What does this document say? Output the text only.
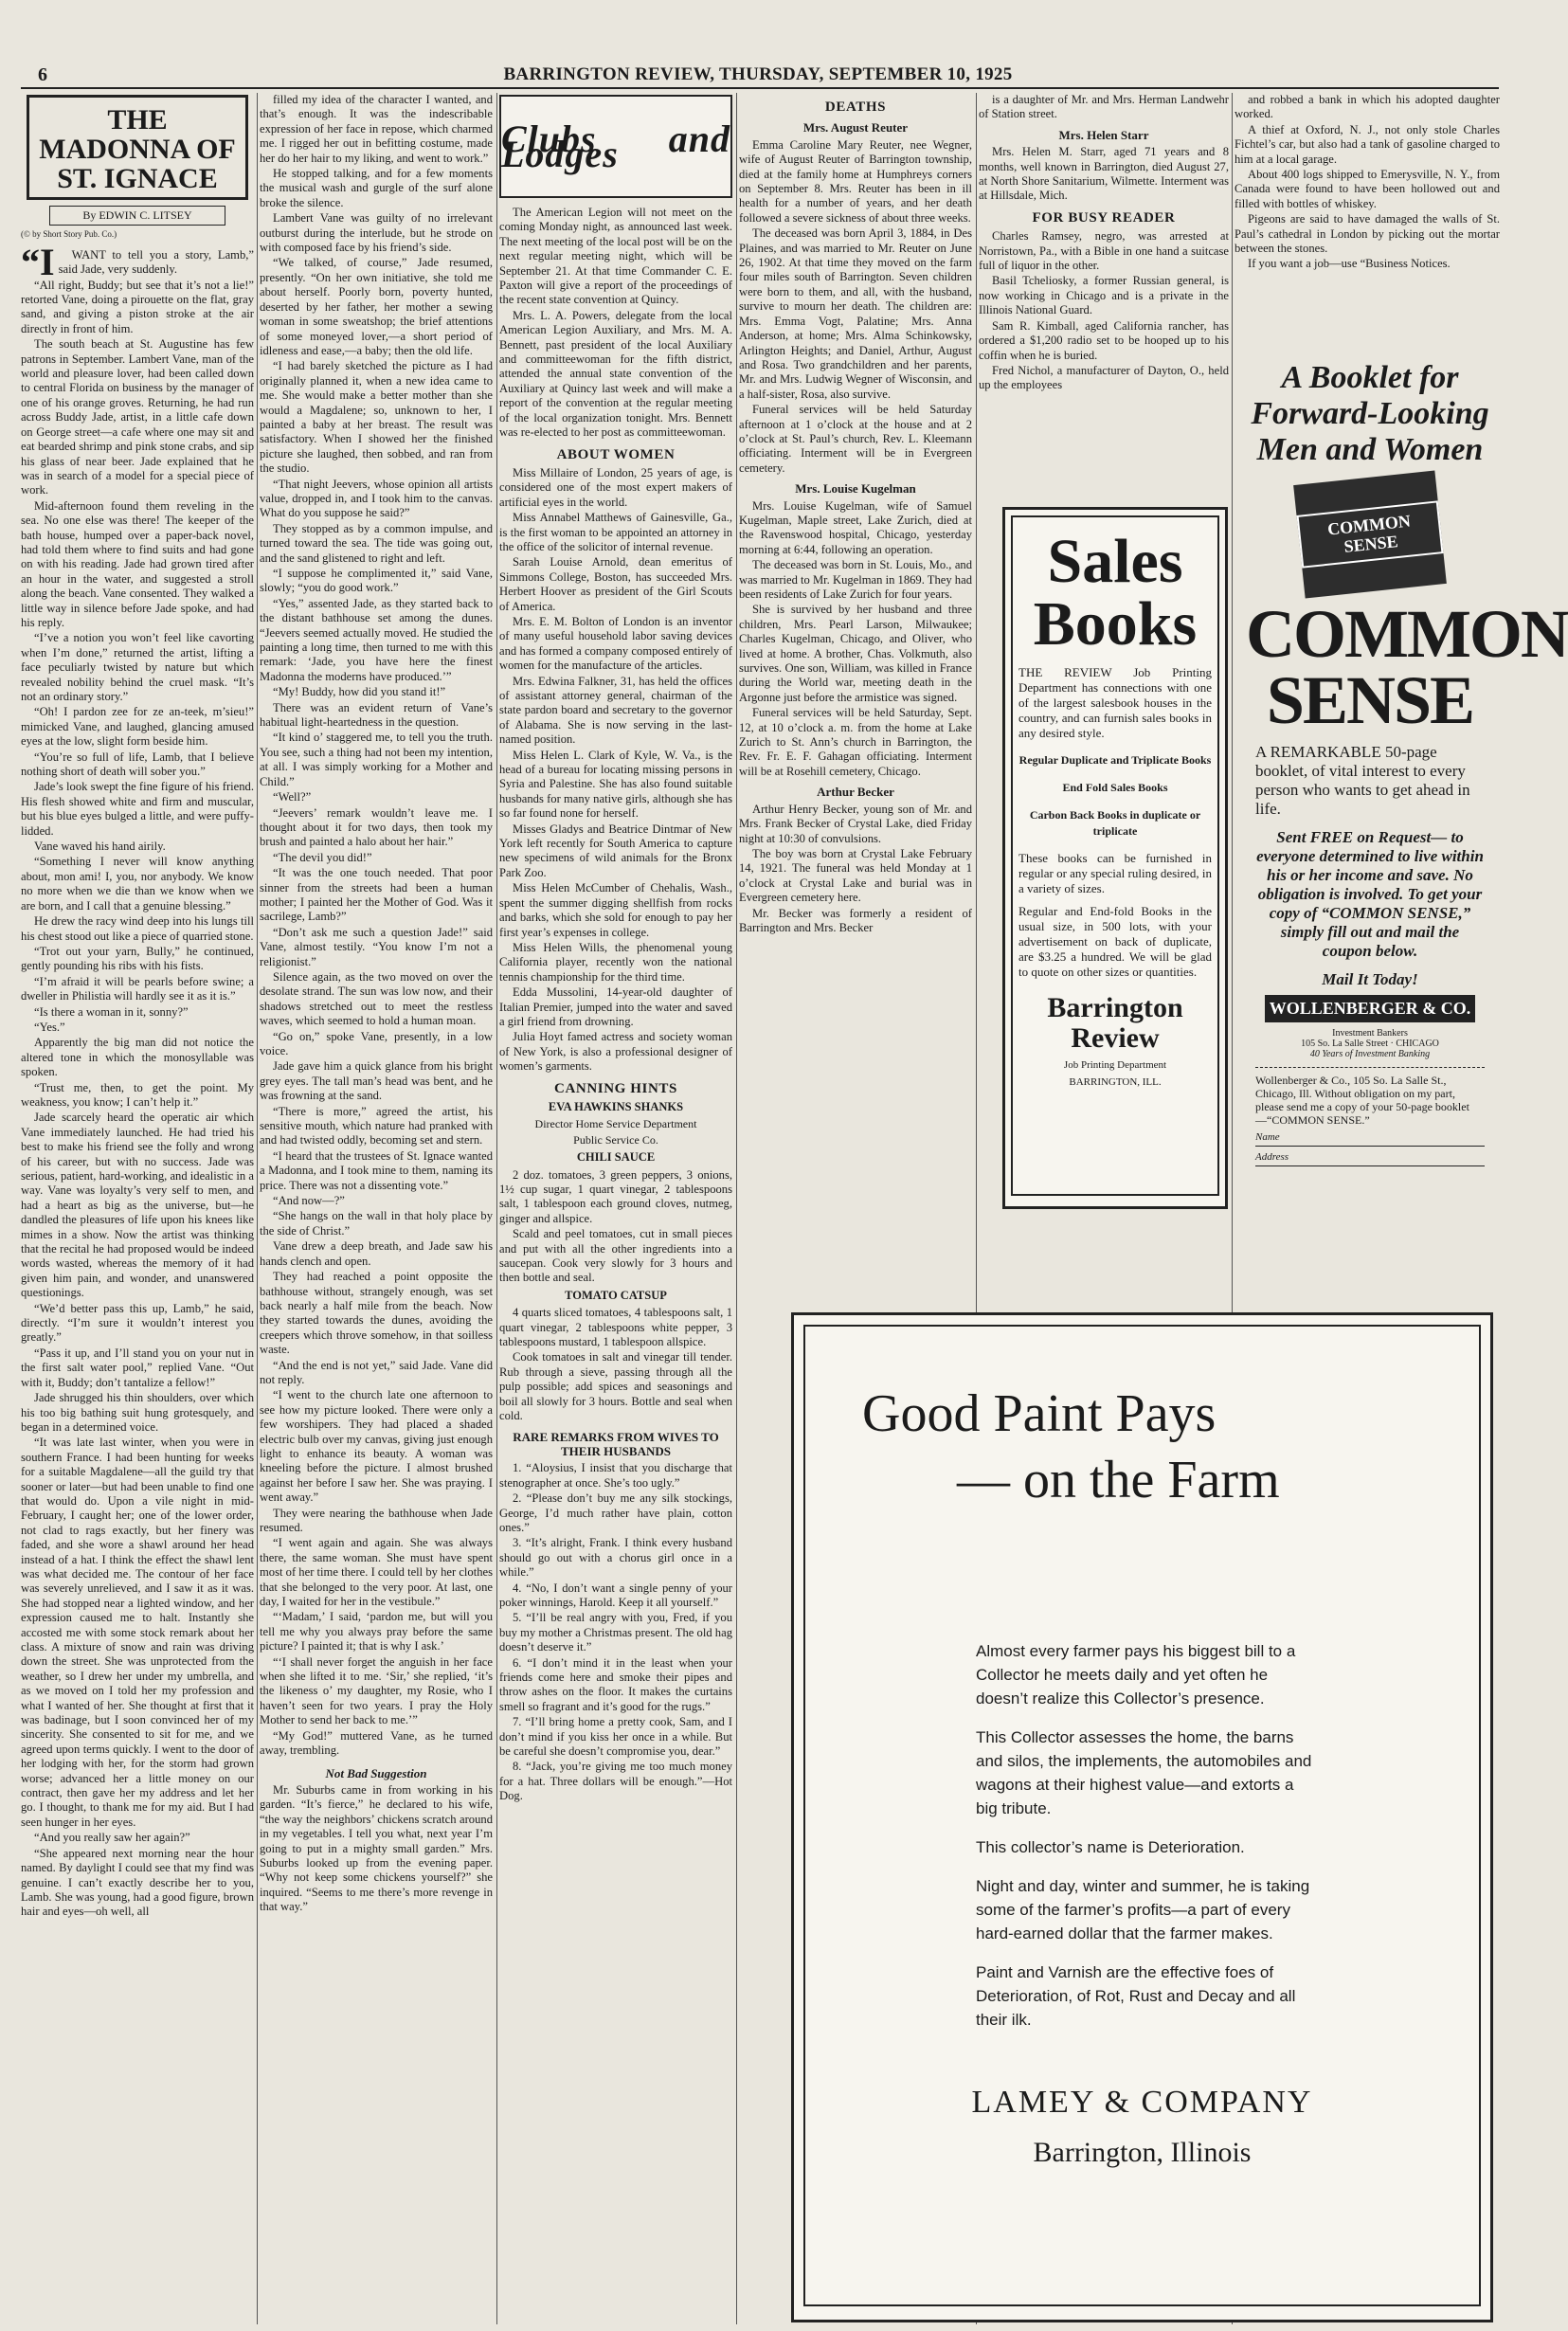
6	BARRINGTON REVIEW, THURSDAY, SEPTEMBER 10, 1925
THE MADONNA OF ST. IGNACE
By EDWIN C. LITSEY
(© by Short Story Pub. Co.)
“I	WANT to tell you a story, Lamb,” said Jade, very suddenly.

“All right, Buddy; but see that it’s not a lie!” retorted Vane, doing a pirouette on the flat, gray sand, and giving a piston stroke at the air directly in front of him.

The south beach at St. Augustine has few patrons in September. Lambert Vane, man of the world and pleasure lover, had been called down to central Florida on business by the manager of one of his orange groves. Returning, he had run across Buddy Jade, artist, in a little cafe down on George street—a cafe where one may sit and eat bearded shrimp and pink stone crabs, and sip his glass of near beer. Jade explained that he was in search of a model for a special piece of work.

Mid-afternoon found them reveling in the sea. No one else was there! The keeper of the bath house, humped over a paper-back novel, had told them where to find suits and had gone on with his reading. Jade had grown tired after an hour in the water, and suggested a stroll along the beach. Vane consented. They walked a little way in silence before Jade spoke, and had his reply.

“I’ve a notion you won’t feel like cavorting when I’m done,” returned the artist, lifting a face peculiarly twisted by nature but which revealed nobility behind the cruel mask. “It’s not an ordinary story.”

“Oh! I pardon zee for ze an-teek, m’sieu!” mimicked Vane, and laughed, glancing amused eyes at the low, slight form beside him.

“You’re so full of life, Lamb, that I believe nothing short of death will sober you.”

Jade’s look swept the fine figure of his friend. His flesh showed white and firm and muscular, but his blue eyes bulged a little, and were puffy-lidded.

Vane waved his hand airily.

“Something I never will know anything about, mon ami! I, you, nor anybody. We know no more when we die than we know when we are born, and I call that a genuine blessing.”

He drew the racy wind deep into his lungs till his chest stood out like a piece of quarried stone.

“Trot out your yarn, Bully,” he continued, gently pounding his ribs with his fists.

“I’m afraid it will be pearls before swine; a dweller in Philistia will hardly see it as it is.”

“Is there a woman in it, sonny?”

“Yes.”

Apparently the big man did not notice the altered tone in which the monosyllable was spoken.

“Trust me, then, to get the point. My weakness, you know; I can’t help it.”

Jade scarcely heard the operatic air which Vane immediately launched. He had tried his best to make his friend see the folly and wrong of his career, but with no success. Jade was serious, patient, hard-working, and idealistic in a way. Vane was loyalty’s very self to men, and had a heart as big as the universe, but—he dandled the pleasures of life upon his knees like mimes in a show. Now the artist was thinking that the recital he had proposed would be indeed words wasted, whereas the memory of it had given him pain, and wonder, and unanswered questionings.

“We’d better pass this up, Lamb,” he said, directly. “I’m sure it wouldn’t interest you greatly.”

“Pass it up, and I’ll stand you on your nut in the first salt water pool,” replied Vane. “Out with it, Buddy; don’t tantalize a fellow!”

Jade shrugged his thin shoulders, over which his too big bathing suit hung grotesquely, and began in a determined voice.

“It was late last winter, when you were in southern France. I had been hunting for weeks for a suitable Magdalene—all the guild try that sooner or later—but had been unable to find one that would do. Upon a vile night in mid-February, I caught her; one of the lower order, not clad to rags exactly, but her finery was faded, and she wore a shawl around her head instead of a hat. I think the effect the shawl lent was what decided me. The contour of her face was severely unrelieved, and I saw it as it was. She had stopped near a lighted window, and her expression caused me to halt. Instantly she accosted me with some stock remark about her class. A mixture of snow and rain was driving down the street. She was unprotected from the weather, so I drew her under my umbrella, and as we moved on I told her my profession and what I wanted of her. She thought at first that it was badinage, but I soon convinced her of my sincerity. She consented to sit for me, and we agreed upon terms quickly. I went to the door of her lodging with her, for the storm had grown worse; advanced her a little money on our contract, then gave her my address and let her go. I thought, to thank me for my aid. But I had seen hunger in her eyes.

“And you really saw her again?”

“She appeared next morning near the hour named. By daylight I could see that my find was genuine. I can’t exactly describe her to you, Lamb. She was young, had a good figure, brown hair and eyes—oh well, all

filled my idea of the character I wanted, and that’s enough. It was the indescribable expression of her face in repose, which charmed me. I rigged her out in befitting costume, made her do her hair to my liking, and went to work.”

He stopped talking, and for a few moments the musical wash and gurgle of the surf alone broke the silence.

Lambert Vane was guilty of no irrelevant outburst during the interlude, but he strode on with composed face by his friend’s side.

“We talked, of course,” Jade resumed, presently. “On her own initiative, she told me about herself. Poorly born, poverty hunted, deserted by her father, her mother a sewing woman in some sweatshop; the brief attentions of some moneyed lover,—a short period of idleness and ease,—a baby; then the old life.

“I had barely sketched the picture as I had originally planned it, when a new idea came to me. She would make a better mother than she would a Magdalene; so, unknown to her, I painted a baby at her breast. The result was satisfactory. When I showed her the finished picture she laughed, then sobbed, and ran from the studio.

“That night Jeevers, whose opinion all artists value, dropped in, and I took him to the canvas. What do you suppose he said?”

They stopped as by a common impulse, and turned toward the sea. The tide was going out, and the sand glistened to right and left.

“I suppose he complimented it,” said Vane, slowly; “you do good work.”

“Yes,” assented Jade, as they started back to the distant bathhouse set among the dunes. “Jeevers seemed actually moved. He studied the painting a long time, then turned to me with this remark: ‘Jade, you have here the finest Madonna the moderns have produced.’”

“My! Buddy, how did you stand it!”

There was an evident return of Vane’s habitual light-heartedness in the question.

“It kind o’ staggered me, to tell you the truth. You see, such a thing had not been my intention, at all. I was simply working for a Mother and Child.”

“Well?”

“Jeevers’ remark wouldn’t leave me. I thought about it for two days, then took my brush and painted a halo about her hair.”

“The devil you did!”

“It was the one touch needed. That poor sinner from the streets had been a human mother; I painted her the Mother of God. Was it sacrilege, Lamb?”

“Don’t ask me such a question Jade!” said Vane, almost testily. “You know I’m not a religionist.”

Silence again, as the two moved on over the desolate strand. The sun was low now, and their shadows stretched out to meet the restless waves, which seemed to hold a human moan.

“Go on,” spoke Vane, presently, in a low voice.

Jade gave him a quick glance from his bright grey eyes. The tall man’s head was bent, and he was frowning at the sand.

“There is more,” agreed the artist, his sensitive mouth, which nature had pranked with and had twisted oddly, becoming set and stern.

“I heard that the trustees of St. Ignace wanted a Madonna, and I took mine to them, naming its price. There was not a dissenting vote.”

“And now—?”

“She hangs on the wall in that holy place by the side of Christ.”

Vane drew a deep breath, and Jade saw his hands clench and open.

They had reached a point opposite the bathhouse without, strangely enough, was set back nearly a half mile from the beach. Now they started towards the dunes, avoiding the creepers which throve somehow, in that soilless waste.

“And the end is not yet,” said Jade. Vane did not reply.

“I went to the church late one afternoon to see how my picture looked. There were only a few worshipers. They had placed a shaded electric bulb over my canvas, giving just enough light to enhance its beauty. A woman was kneeling before the picture. I almost brushed against her before I saw her. She was praying. I went away.”

They were nearing the bathhouse when Jade resumed.

“I went again and again. She was always there, the same woman. She must have spent most of her time there. I could tell by her clothes that she belonged to the very poor. At last, one day, I waited for her in the vestibule.”

“‘Madam,’ I said, ‘pardon me, but will you tell me why you always pray before the same picture? I painted it; that is why I ask.’

“‘I shall never forget the anguish in her face when she lifted it to me. ‘Sir,’ she replied, ‘it’s the likeness o’ my daughter, my Rosie, who I haven’t seen for two years. I pray the Holy Mother to send her back to me.’”

“My God!” muttered Vane, as he turned away, trembling.

Not Bad Suggestion

Mr. Suburbs came in from working in his garden. “It’s fierce,” he declared to his wife, “the way the neighbors’ chickens scratch around in my vegetables. I tell you what, next year I’m going to put in a mighty small garden.” Mrs. Suburbs looked up from the evening paper. “Why not keep some chickens yourself?” she inquired. “Seems to me there’s more revenge in that way.”

Clubs and Lodges

The American Legion will not meet on the coming Monday night, as announced last week. The next meeting of the local post will be on the next regular meeting night, which will be September 21. At that time Commander C. E. Paxton will give a report of the proceedings of the recent state convention at Quincy.

Mrs. L. A. Powers, delegate from the local American Legion Auxiliary, and Mrs. M. A. Bennett, past president of the local Auxiliary and committeewoman for the fifth district, attended the annual state convention of the Auxiliary at Quincy last week and will make a report of the convention at the regular meeting of the local organization tonight. Mrs. Bennett was re-elected to her post as committeewoman.

ABOUT WOMEN

Miss Millaire of London, 25 years of age, is considered one of the most expert makers of artificial eyes in the world.

Miss Annabel Matthews of Gainesville, Ga., is the first woman to be appointed an attorney in the office of the solicitor of internal revenue.

Sarah Louise Arnold, dean emeritus of Simmons College, Boston, has succeeded Mrs. Herbert Hoover as president of the Girl Scouts of America.

Mrs. E. M. Bolton of London is an inventor of many useful household labor saving devices and has formed a company composed entirely of women for the manufacture of the articles.

Mrs. Edwina Falkner, 31, has held the offices of assistant attorney general, chairman of the state pardon board and secretary to the governor of Alabama. She is now serving in the last-named position.

Miss Helen L. Clark of Kyle, W. Va., is the head of a bureau for locating missing persons in Syria and Palestine. She has also found suitable husbands for many native girls, although she has so far found none for herself.

Misses Gladys and Beatrice Dintmar of New York left recently for South America to capture new specimens of wild animals for the Bronx Park Zoo.

Miss Helen McCumber of Chehalis, Wash., spent the summer digging shellfish from rocks and barks, which she sold for enough to pay her first year’s expenses in college.

Miss Helen Wills, the phenomenal young California player, recently won the national tennis championship for the third time.

Edda Mussolini, 14-year-old daughter of Italian Premier, jumped into the water and saved a girl friend from drowning.

Julia Hoyt famed actress and society woman of New York, is also a professional designer of women’s garments.

CANNING HINTS
EVA HAWKINS SHANKS
Director Home Service Department
Public Service Co.
CHILI SAUCE

2 doz. tomatoes, 3 green peppers, 3 onions, 1½ cup sugar, 1 quart vinegar, 2 tablespoons salt, 1 tablespoon each ground cloves, nutmeg, ginger and allspice.

Scald and peel tomatoes, cut in small pieces and put with all the other ingredients into a saucepan. Cook very slowly for 3 hours and then bottle and seal.

TOMATO CATSUP

4 quarts sliced tomatoes, 4 tablespoons salt, 1 quart vinegar, 2 tablespoons white pepper, 3 tablespoons mustard, 1 tablespoon allspice.

Cook tomatoes in salt and vinegar till tender. Rub through a sieve, passing through all the pulp possible; add spices and seasonings and boil all slowly for 3 hours. Bottle and seal when cold.

RARE REMARKS FROM WIVES TO THEIR HUSBANDS

1. “Aloysius, I insist that you discharge that stenographer at once. She’s too ugly.”

2. “Please don’t buy me any silk stockings, George, I’d much rather have plain, cotton ones.”

3. “It’s alright, Frank. I think every husband should go out with a chorus girl once in a while.”

4. “No, I don’t want a single penny of your poker winnings, Harold. Keep it all yourself.”

5. “I’ll be real angry with you, Fred, if you buy my mother a Christmas present. The old hag doesn’t deserve it.”

6. “I don’t mind it in the least when your friends come here and smoke their pipes and throw ashes on the floor. It makes the curtains smell so fragrant and it’s good for the rugs.”

7. “I’ll bring home a pretty cook, Sam, and I don’t mind if you kiss her once in a while. But be careful she doesn’t compromise you, dear.”

8. “Jack, you’re giving me too much money for a hat. Three dollars will be enough.”—Hot Dog.

DEATHS
Mrs. August Reuter

Emma Caroline Mary Reuter, nee Wegner, wife of August Reuter of Barrington township, died at the family home at Humphreys corners on September 8. Mrs. Reuter has been in ill health for a number of years, and her death followed a severe sickness of about three weeks.

The deceased was born April 3, 1884, in Des Plaines, and was married to Mr. Reuter on June 26, 1902. At that time they moved on the farm four miles south of Barrington. Seven children were born to them, and all, with the husband, survive to mourn her death. The children are: Mrs. Emma Vogt, Palatine; Mrs. Anna Anderson, at home; Mrs. Alma Schinkowsky, Arlington Heights; and Daniel, Arthur, August and Rosa. Two grandchildren and her parents, Mr. and Mrs. Ludwig Wegner of Wisconsin, and a half-sister, Rosa, also survive.

Funeral services will be held Saturday afternoon at 1 o’clock at the house and at 2 o’clock at St. Paul’s church, Rev. L. Kleemann officiating. Interment will be in Evergreen cemetery.

Mrs. Louise Kugelman

Mrs. Louise Kugelman, wife of Samuel Kugelman, Maple street, Lake Zurich, died at the Ravenswood hospital, Chicago, yesterday morning at 6:44, following an operation.

The deceased was born in St. Louis, Mo., and was married to Mr. Kugelman in 1869. They had been residents of Lake Zurich for four years.

She is survived by her husband and three children, Mrs. Pearl Larson, Milwaukee; Charles Kugelman, Chicago, and Oliver, who lived at home. A brother, Chas. Volkmuth, also survives. One son, William, was killed in France during the World war, meeting death in the Argonne just before the armistice was signed.

Funeral services will be held Saturday, Sept. 12, at 10 o’clock a. m. from the home at Lake Zurich to St. Ann’s church in Barrington, the Rev. Fr. E. F. Gahagan officiating. Interment will be at Rosehill cemetery, Chicago.

Arthur Becker

Arthur Henry Becker, young son of Mr. and Mrs. Frank Becker of Crystal Lake, died Friday night at 10:30 of convulsions.

The boy was born at Crystal Lake February 14, 1921. The funeral was held Monday at 1 o’clock at Crystal Lake and burial was in Evergreen cemetery here.

Mr. Becker was formerly a resident of Barrington and Mrs. Becker

is a daughter of Mr. and Mrs. Herman Landwehr of Station street.

Mrs. Helen Starr

Mrs. Helen M. Starr, aged 71 years and 8 months, well known in Barrington, died August 27, at North Shore Sanitarium, Wilmette. Interment was at Hillsdale, Mich.

FOR BUSY READER

Charles Ramsey, negro, was arrested at Norristown, Pa., with a Bible in one hand a suitcase full of liquor in the other.

Basil Tcheliosky, a former Russian general, is now working in Chicago and is a private in the Illinois National Guard.

Sam R. Kimball, aged California rancher, has ordered a $1,200 radio set to be hooped up to his coffin when he is buried.

Fred Nichol, a manufacturer of Dayton, O., held up the employees

and robbed a bank in which his adopted daughter worked.

A thief at Oxford, N. J., not only stole Charles Fichtel’s car, but also had a tank of gasoline charged to him at a local garage.

About 400 logs shipped to Emerysville, N. Y., from Canada were found to have been hollowed out and filled with bottles of whiskey.

Pigeons are said to have damaged the walls of St. Paul’s cathedral in London by picking out the mortar between the stones.

If you want a job—use “Business Notices.

Sales Books
THE REVIEW Job Printing Department has connections with one of the largest salesbook houses in the country, and can furnish sales books in any desired style.

Regular Duplicate and Triplicate Books

End Fold Sales Books

Carbon Back Books in duplicate or triplicate

These books can be furnished in regular or any special ruling desired, in a variety of sizes.
Regular and End-fold Books in the usual size, in 500 lots, with your advertisement on back of duplicate, are $3.25 a hundred. We will be glad to quote on other sizes or quantities.
Barrington Review
Job Printing Department
BARRINGTON, ILL.
A Booklet for Forward-Looking Men and Women
COMMON SENSE
COMMON SENSE
A REMARKABLE 50-page booklet, of vital interest to every person who wants to get ahead in life.
Sent FREE on Request— to everyone determined to live within his or her income and save. No obligation is involved. To get your copy of “COMMON SENSE,” simply fill out and mail the coupon below.
Mail It Today!
WOLLENBERGER & CO.
Investment Bankers
105 So. La Salle Street · CHICAGO
40 Years of Investment Banking
Wollenberger & Co., 105 So. La Salle St., Chicago, Ill. Without obligation on my part, please send me a copy of your 50-page booklet—“COMMON SENSE.”
Name
Address
Good Paint Pays
— on the Farm

Almost every farmer pays his biggest bill to a Collector he meets daily and yet often he doesn’t realize this Collector’s presence.

This Collector assesses the home, the barns and silos, the implements, the automobiles and wagons at their highest value—and extorts a big tribute.

This collector’s name is Deterioration.

Night and day, winter and summer, he is taking some of the farmer’s profits—a part of every hard-earned dollar that the farmer makes.

Paint and Varnish are the effective foes of Deterioration, of Rot, Rust and Decay and all their ilk.

LAMEY & COMPANY
Barrington, Illinois
